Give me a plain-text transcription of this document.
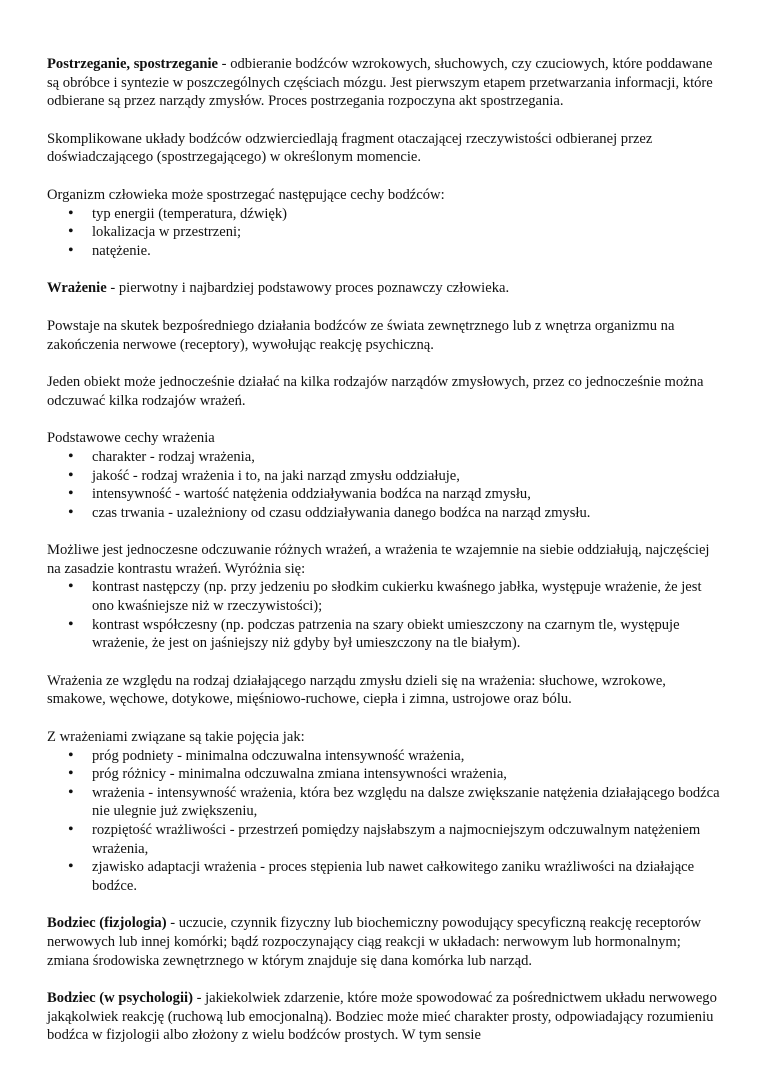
Postrzeganie, spostrzeganie - odbieranie bodźców wzrokowych, słuchowych, czy czuciowych, które poddawane są obróbce i syntezie w poszczególnych częściach mózgu. Jest pierwszym etapem przetwarzania informacji, które odbierane są przez narządy zmysłów. Proces postrzegania rozpoczyna akt spostrzegania.

Skomplikowane układy bodźców odzwierciedlają fragment otaczającej rzeczywistości odbieranej przez doświadczającego (spostrzegającego) w określonym momencie.

Organizm człowieka może spostrzegać następujące cechy bodźców:

• typ energii (temperatura, dźwięk)
• lokalizacja w przestrzeni;
• natężenie.

Wrażenie - pierwotny i najbardziej podstawowy proces poznawczy człowieka.

Powstaje na skutek bezpośredniego działania bodźców ze świata zewnętrznego lub z wnętrza organizmu na zakończenia nerwowe (receptory), wywołując reakcję psychiczną.

Jeden obiekt może jednocześnie działać na kilka rodzajów narządów zmysłowych, przez co jednocześnie można odczuwać kilka rodzajów wrażeń.

Podstawowe cechy wrażenia

• charakter - rodzaj wrażenia,
• jakość - rodzaj wrażenia i to, na jaki narząd zmysłu oddziałuje,
• intensywność - wartość natężenia oddziaływania bodźca na narząd zmysłu,
• czas trwania - uzależniony od czasu oddziaływania danego bodźca na narząd zmysłu.

Możliwe jest jednoczesne odczuwanie różnych wrażeń, a wrażenia te wzajemnie na siebie oddziałują, najczęściej na zasadzie kontrastu wrażeń. Wyróżnia się:

• kontrast następczy (np. przy jedzeniu po słodkim cukierku kwaśnego jabłka, występuje wrażenie, że jest ono kwaśniejsze niż w rzeczywistości);
• kontrast współczesny (np. podczas patrzenia na szary obiekt umieszczony na czarnym tle, występuje wrażenie, że jest on jaśniejszy niż gdyby był umieszczony na tle białym).

Wrażenia ze względu na rodzaj działającego narządu zmysłu dzieli się na wrażenia: słuchowe, wzrokowe, smakowe, węchowe, dotykowe, mięśniowo-ruchowe, ciepła i zimna, ustrojowe oraz bólu.

Z wrażeniami związane są takie pojęcia jak:

• próg podniety - minimalna odczuwalna intensywność wrażenia,
• próg różnicy - minimalna odczuwalna zmiana intensywności wrażenia,
• wrażenia - intensywność wrażenia, która bez względu na dalsze zwiększanie natężenia działającego bodźca nie ulegnie już zwiększeniu,
• rozpiętość wrażliwości - przestrzeń pomiędzy najsłabszym a najmocniejszym odczuwalnym natężeniem wrażenia,
• zjawisko adaptacji wrażenia - proces stępienia lub nawet całkowitego zaniku wrażliwości na działające bodźce.

Bodziec (fizjologia) - uczucie, czynnik fizyczny lub biochemiczny powodujący specyficzną reakcję receptorów nerwowych lub innej komórki; bądź rozpoczynający ciąg reakcji w układach: nerwowym lub hormonalnym; zmiana środowiska zewnętrznego w którym znajduje się dana komórka lub narząd.

Bodziec (w psychologii) - jakiekolwiek zdarzenie, które może spowodować za pośrednictwem układu nerwowego jakąkolwiek reakcję (ruchową lub emocjonalną). Bodziec może mieć charakter prosty, odpowiadający rozumieniu bodźca w fizjologii albo złożony z wielu bodźców prostych. W tym sensie
